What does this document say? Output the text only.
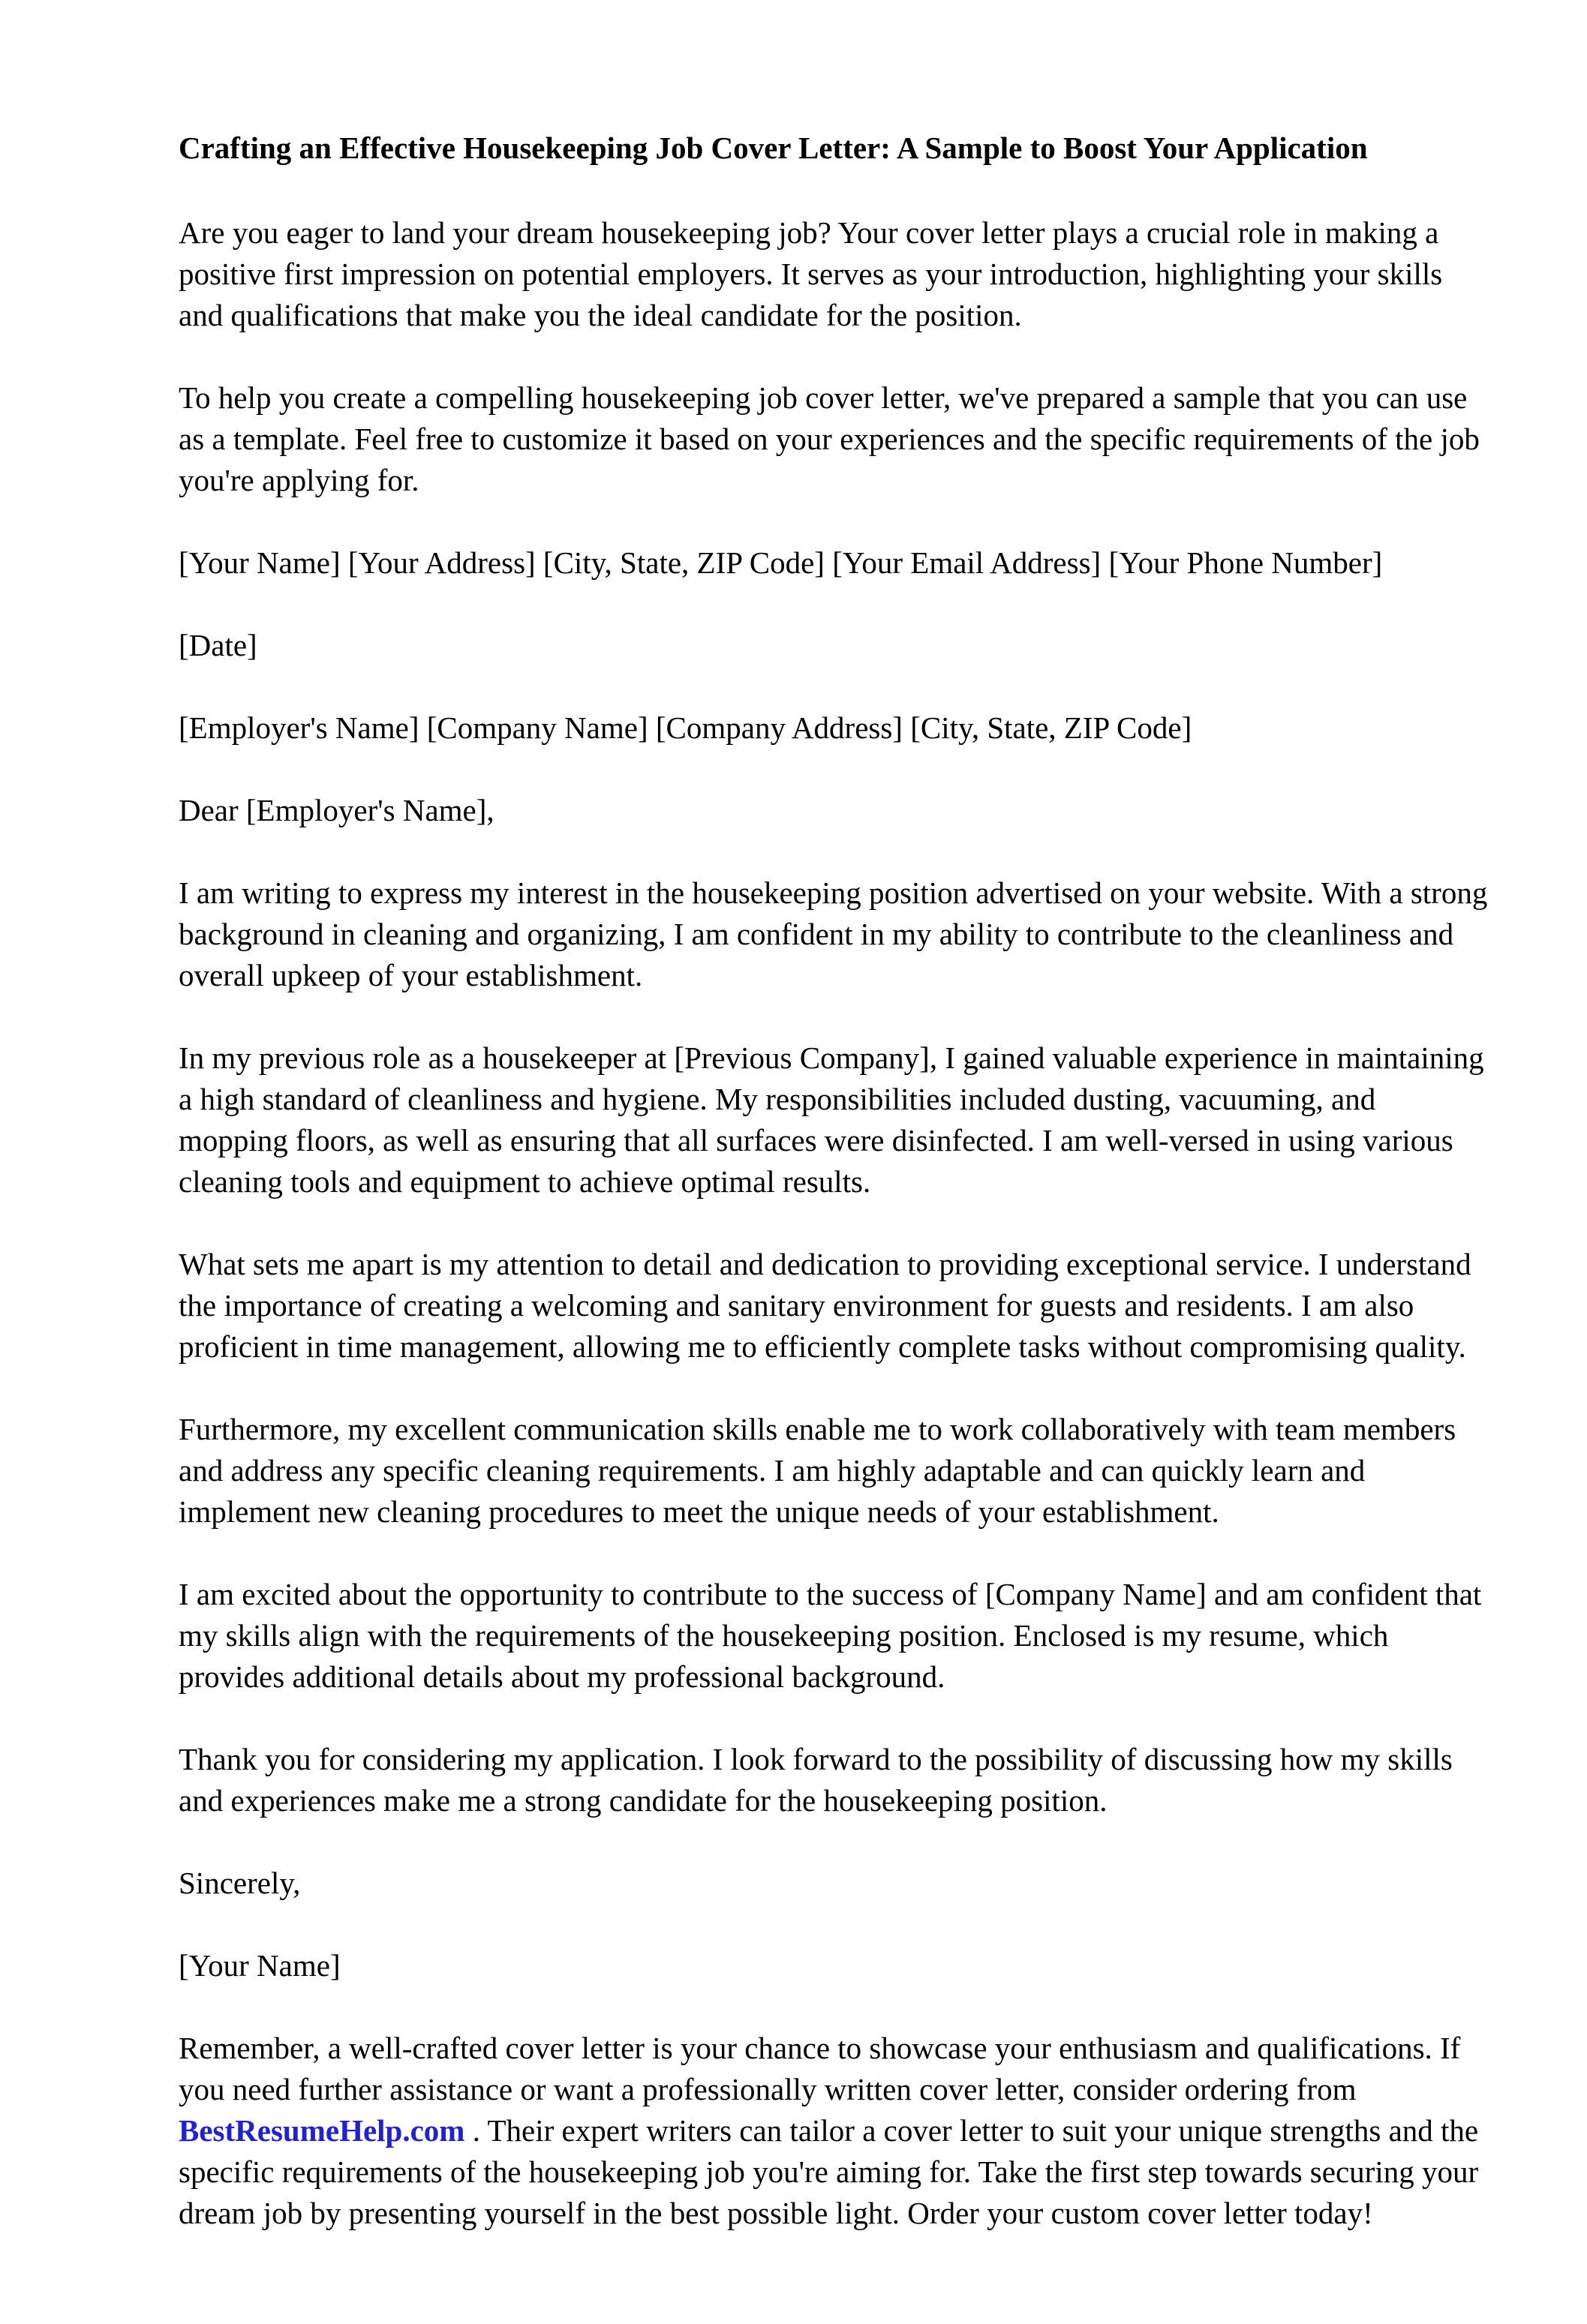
Crafting an Effective Housekeeping Job Cover Letter: A Sample to Boost Your Application

Are you eager to land your dream housekeeping job? Your cover letter plays a crucial role in making a positive first impression on potential employers. It serves as your introduction, highlighting your skills and qualifications that make you the ideal candidate for the position.

To help you create a compelling housekeeping job cover letter, we've prepared a sample that you can use as a template. Feel free to customize it based on your experiences and the specific requirements of the job you're applying for.

[Your Name] [Your Address] [City, State, ZIP Code] [Your Email Address] [Your Phone Number]

[Date]

[Employer's Name] [Company Name] [Company Address] [City, State, ZIP Code]

Dear [Employer's Name],

I am writing to express my interest in the housekeeping position advertised on your website. With a strong background in cleaning and organizing, I am confident in my ability to contribute to the cleanliness and overall upkeep of your establishment.

In my previous role as a housekeeper at [Previous Company], I gained valuable experience in maintaining a high standard of cleanliness and hygiene. My responsibilities included dusting, vacuuming, and mopping floors, as well as ensuring that all surfaces were disinfected. I am well-versed in using various cleaning tools and equipment to achieve optimal results.

What sets me apart is my attention to detail and dedication to providing exceptional service. I understand the importance of creating a welcoming and sanitary environment for guests and residents. I am also proficient in time management, allowing me to efficiently complete tasks without compromising quality.

Furthermore, my excellent communication skills enable me to work collaboratively with team members and address any specific cleaning requirements. I am highly adaptable and can quickly learn and implement new cleaning procedures to meet the unique needs of your establishment.

I am excited about the opportunity to contribute to the success of [Company Name] and am confident that my skills align with the requirements of the housekeeping position. Enclosed is my resume, which provides additional details about my professional background.

Thank you for considering my application. I look forward to the possibility of discussing how my skills and experiences make me a strong candidate for the housekeeping position.

Sincerely,

[Your Name]

Remember, a well-crafted cover letter is your chance to showcase your enthusiasm and qualifications. If you need further assistance or want a professionally written cover letter, consider ordering from BestResumeHelp.com . Their expert writers can tailor a cover letter to suit your unique strengths and the specific requirements of the housekeeping job you're aiming for. Take the first step towards securing your dream job by presenting yourself in the best possible light. Order your custom cover letter today!
